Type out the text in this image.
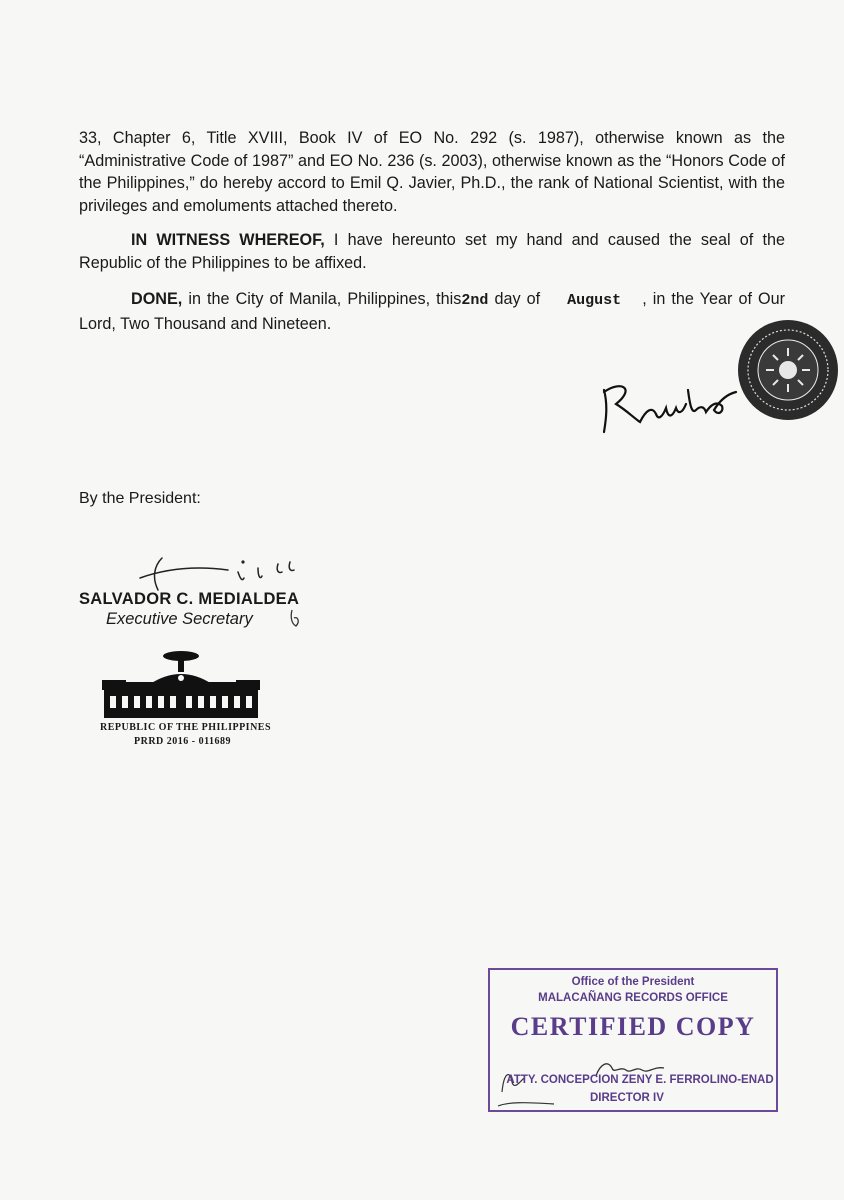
33, Chapter 6, Title XVIII, Book IV of EO No. 292 (s. 1987), otherwise known as the “Administrative Code of 1987” and EO No. 236 (s. 2003), otherwise known as the “Honors Code of the Philippines,” do hereby accord to Emil Q. Javier, Ph.D., the rank of National Scientist, with the privileges and emoluments attached thereto.

IN WITNESS WHEREOF, I have hereunto set my hand and caused the seal of the Republic of the Philippines to be affixed.

DONE, in the City of Manila, Philippines, this2nd day of August , in the Year of Our Lord, Two Thousand and Nineteen.

By the President:

SALVADOR C. MEDIALDEA

Executive Secretary

REPUBLIC OF THE PHILIPPINES

PRRD 2016 - 011689

Office of the President

MALACAÑANG RECORDS OFFICE

CERTIFIED COPY

ATTY. CONCEPCION ZENY E. FERROLINO-ENAD

DIRECTOR IV
